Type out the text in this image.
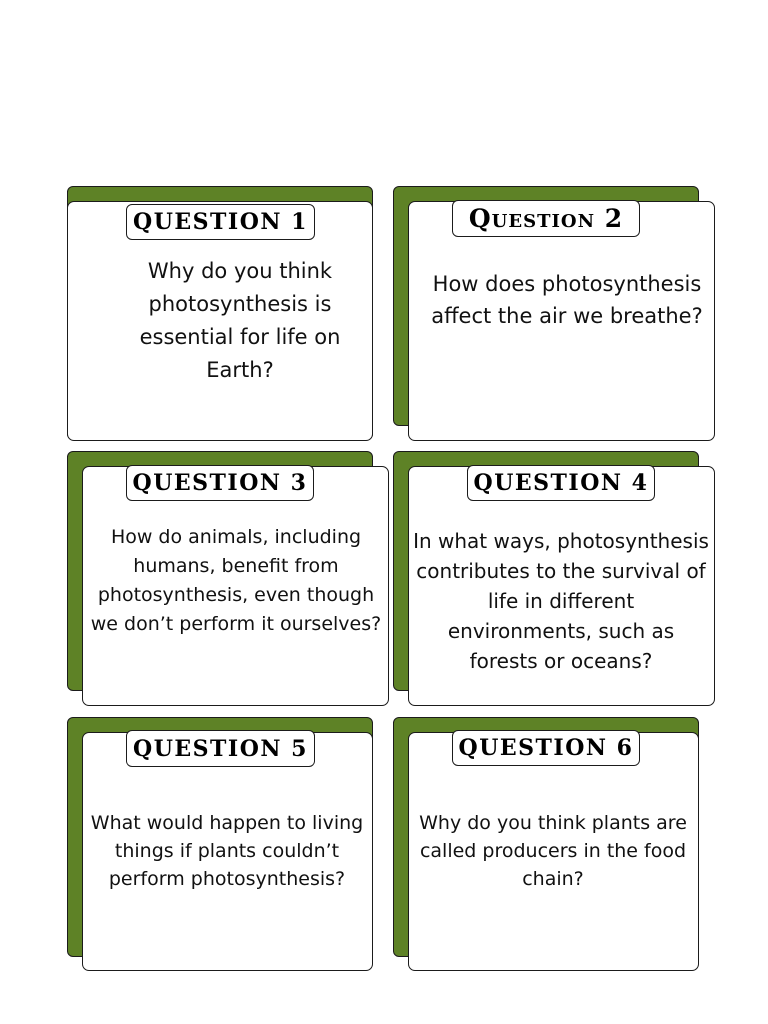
QUESTION 1
Why do you think photosynthesis is essential for life on Earth?
Question 2
How does photosynthesis affect the air we breathe?
QUESTION 3
How do animals, including humans, benefit from photosynthesis, even though we don’t perform it ourselves?
QUESTION 4
In what ways, photosynthesis contributes to the survival of life in different environments, such as forests or oceans?
QUESTION 5
What would happen to living things if plants couldn’t perform photosynthesis?
QUESTION 6
Why do you think plants are called producers in the food chain?
